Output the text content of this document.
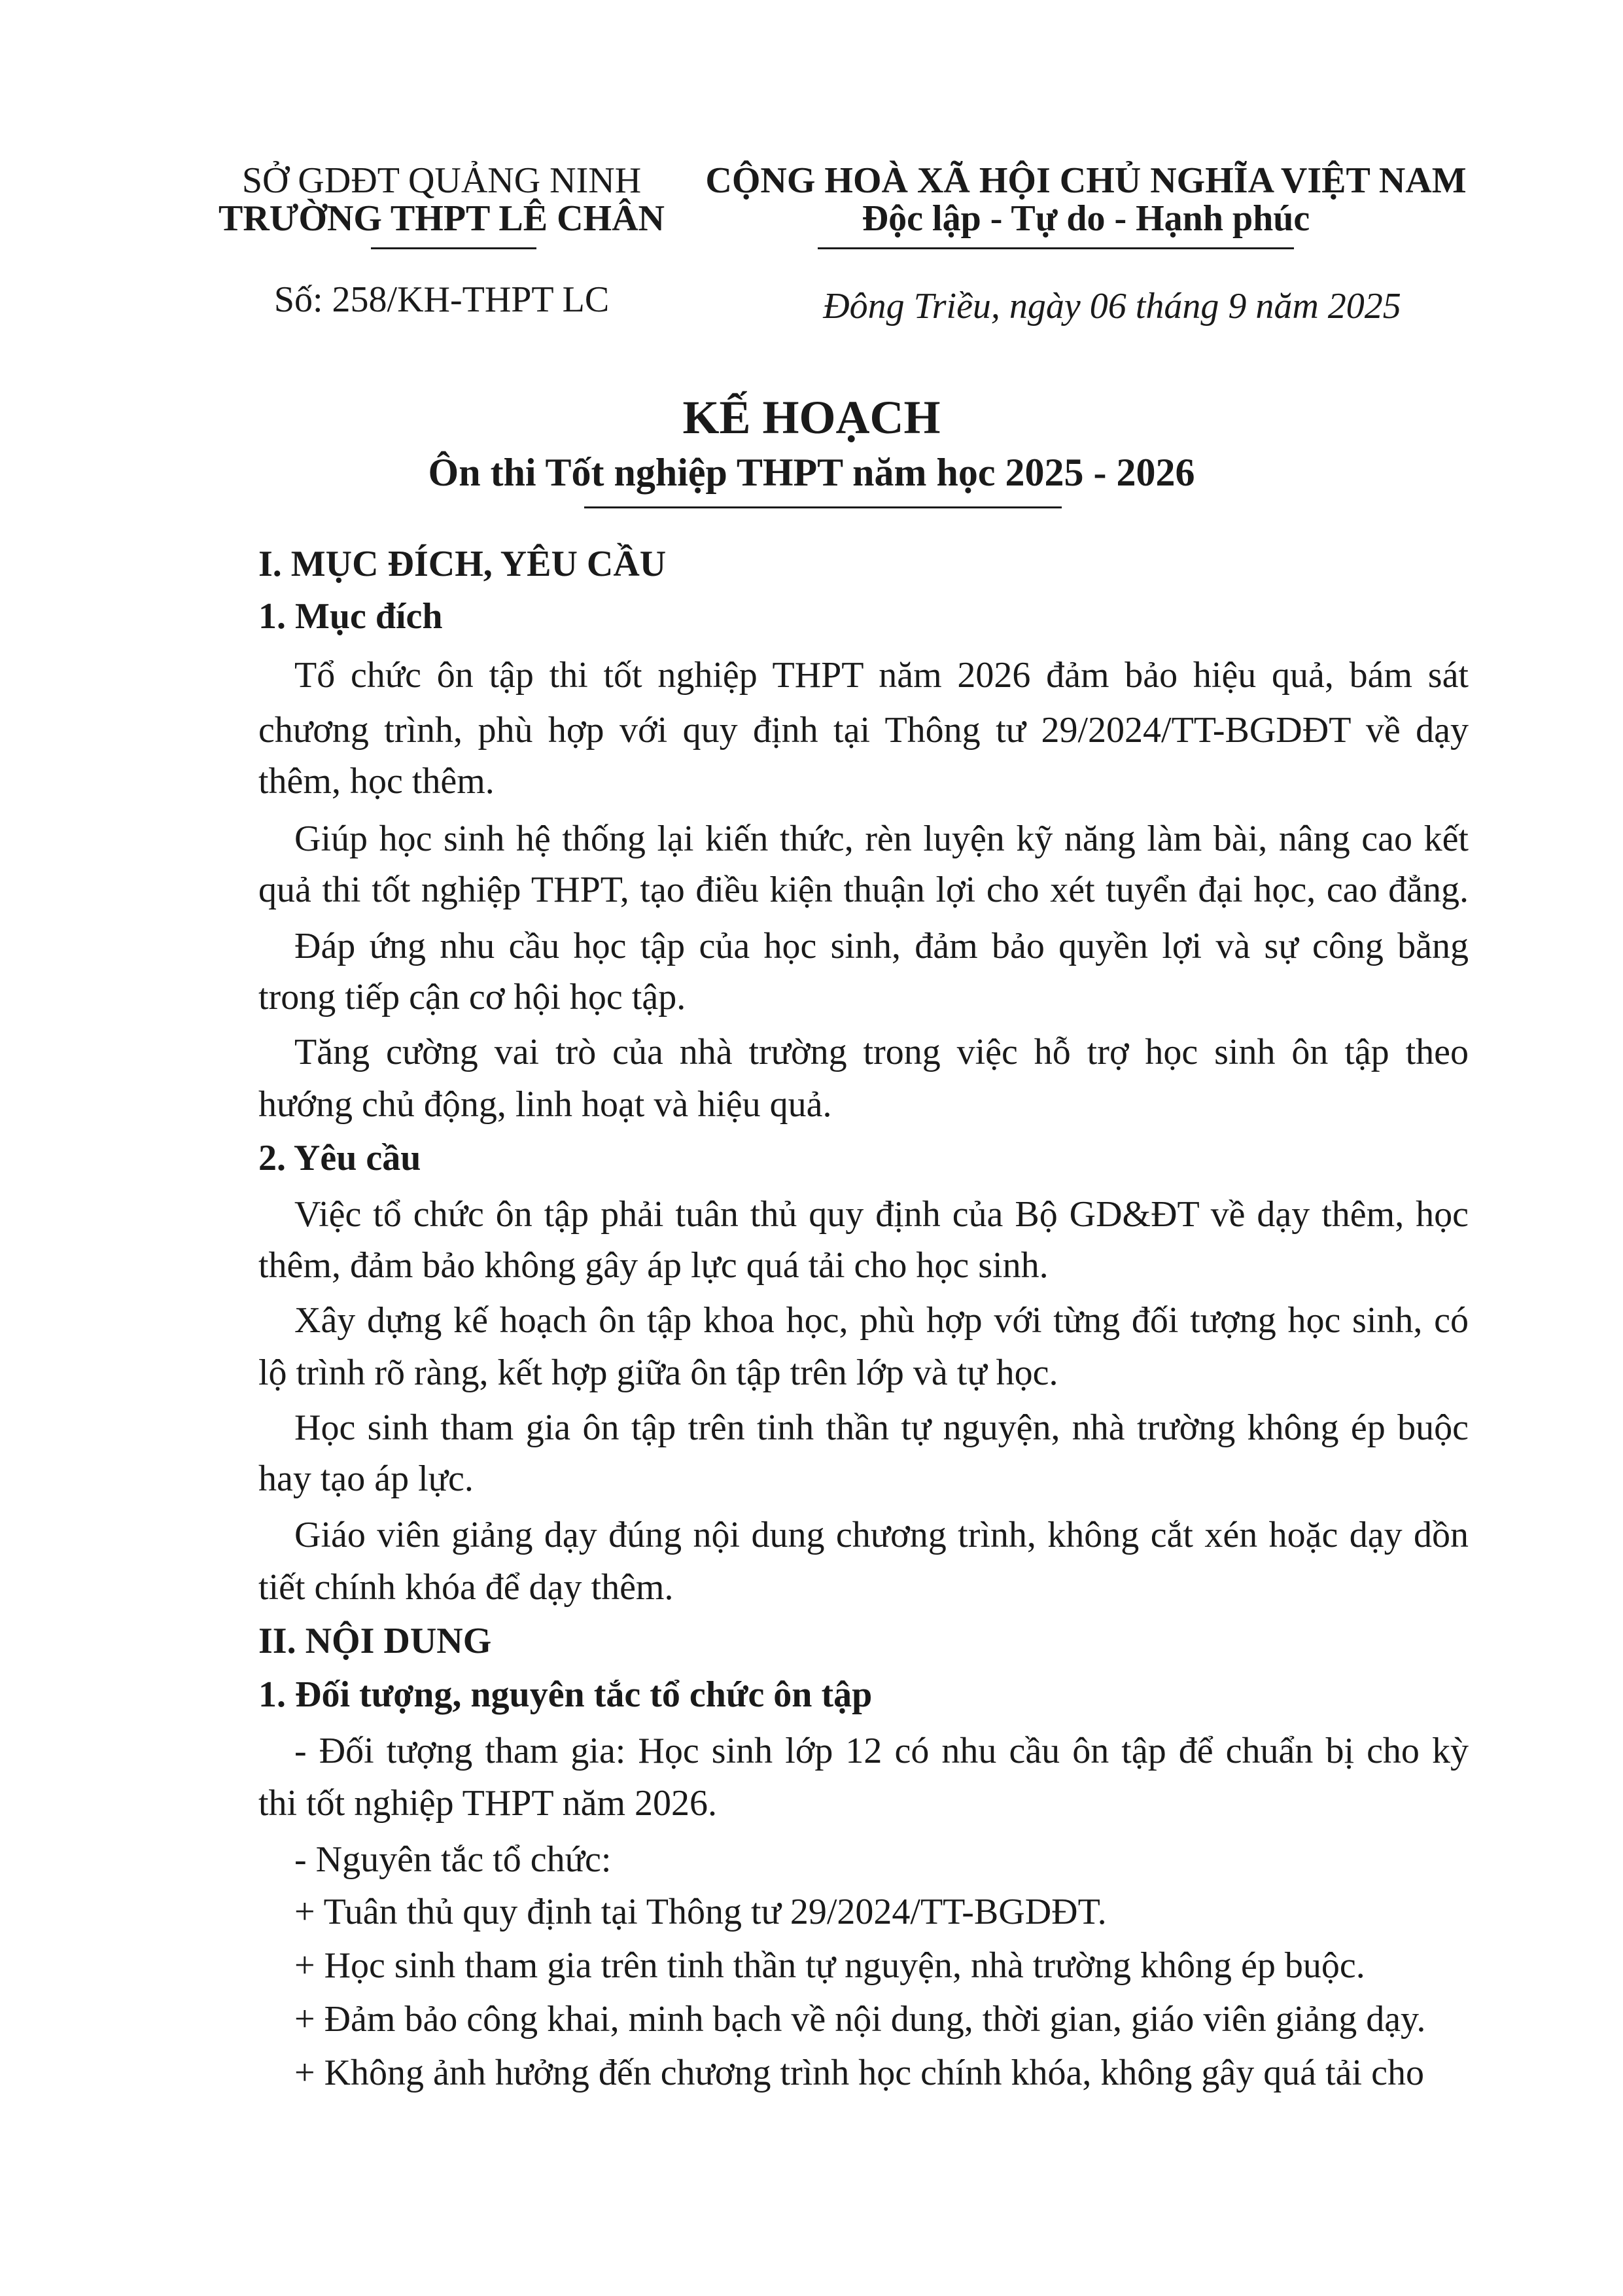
SỞ GDĐT QUẢNG NINH
TRƯỜNG THPT LÊ CHÂN
Số: 258/KH-THPT LC
CỘNG HOÀ XÃ HỘI CHỦ NGHĨA VIỆT NAM
Độc lập - Tự do - Hạnh phúc
Đông Triều, ngày 06 tháng 9 năm 2025
KẾ HOẠCH
Ôn thi Tốt nghiệp THPT năm học 2025 - 2026
I. MỤC ĐÍCH, YÊU CẦU
1. Mục đích
Tổ chức ôn tập thi tốt nghiệp THPT năm 2026 đảm bảo hiệu quả, bám sát
chương trình, phù hợp với quy định tại Thông tư 29/2024/TT-BGDĐT về dạy
thêm, học thêm.
Giúp học sinh hệ thống lại kiến thức, rèn luyện kỹ năng làm bài, nâng cao kết
quả thi tốt nghiệp THPT, tạo điều kiện thuận lợi cho xét tuyển đại học, cao đẳng.
Đáp ứng nhu cầu học tập của học sinh, đảm bảo quyền lợi và sự công bằng
trong tiếp cận cơ hội học tập.
Tăng cường vai trò của nhà trường trong việc hỗ trợ học sinh ôn tập theo
hướng chủ động, linh hoạt và hiệu quả.
2. Yêu cầu
Việc tổ chức ôn tập phải tuân thủ quy định của Bộ GD&ĐT về dạy thêm, học
thêm, đảm bảo không gây áp lực quá tải cho học sinh.
Xây dựng kế hoạch ôn tập khoa học, phù hợp với từng đối tượng học sinh, có
lộ trình rõ ràng, kết hợp giữa ôn tập trên lớp và tự học.
Học sinh tham gia ôn tập trên tinh thần tự nguyện, nhà trường không ép buộc
hay tạo áp lực.
Giáo viên giảng dạy đúng nội dung chương trình, không cắt xén hoặc dạy dồn
tiết chính khóa để dạy thêm.
II. NỘI DUNG
1. Đối tượng, nguyên tắc tổ chức ôn tập
- Đối tượng tham gia: Học sinh lớp 12 có nhu cầu ôn tập để chuẩn bị cho kỳ
thi tốt nghiệp THPT năm 2026.
- Nguyên tắc tổ chức:
+ Tuân thủ quy định tại Thông tư 29/2024/TT-BGDĐT.
+ Học sinh tham gia trên tinh thần tự nguyện, nhà trường không ép buộc.
+ Đảm bảo công khai, minh bạch về nội dung, thời gian, giáo viên giảng dạy.
+ Không ảnh hưởng đến chương trình học chính khóa, không gây quá tải cho
